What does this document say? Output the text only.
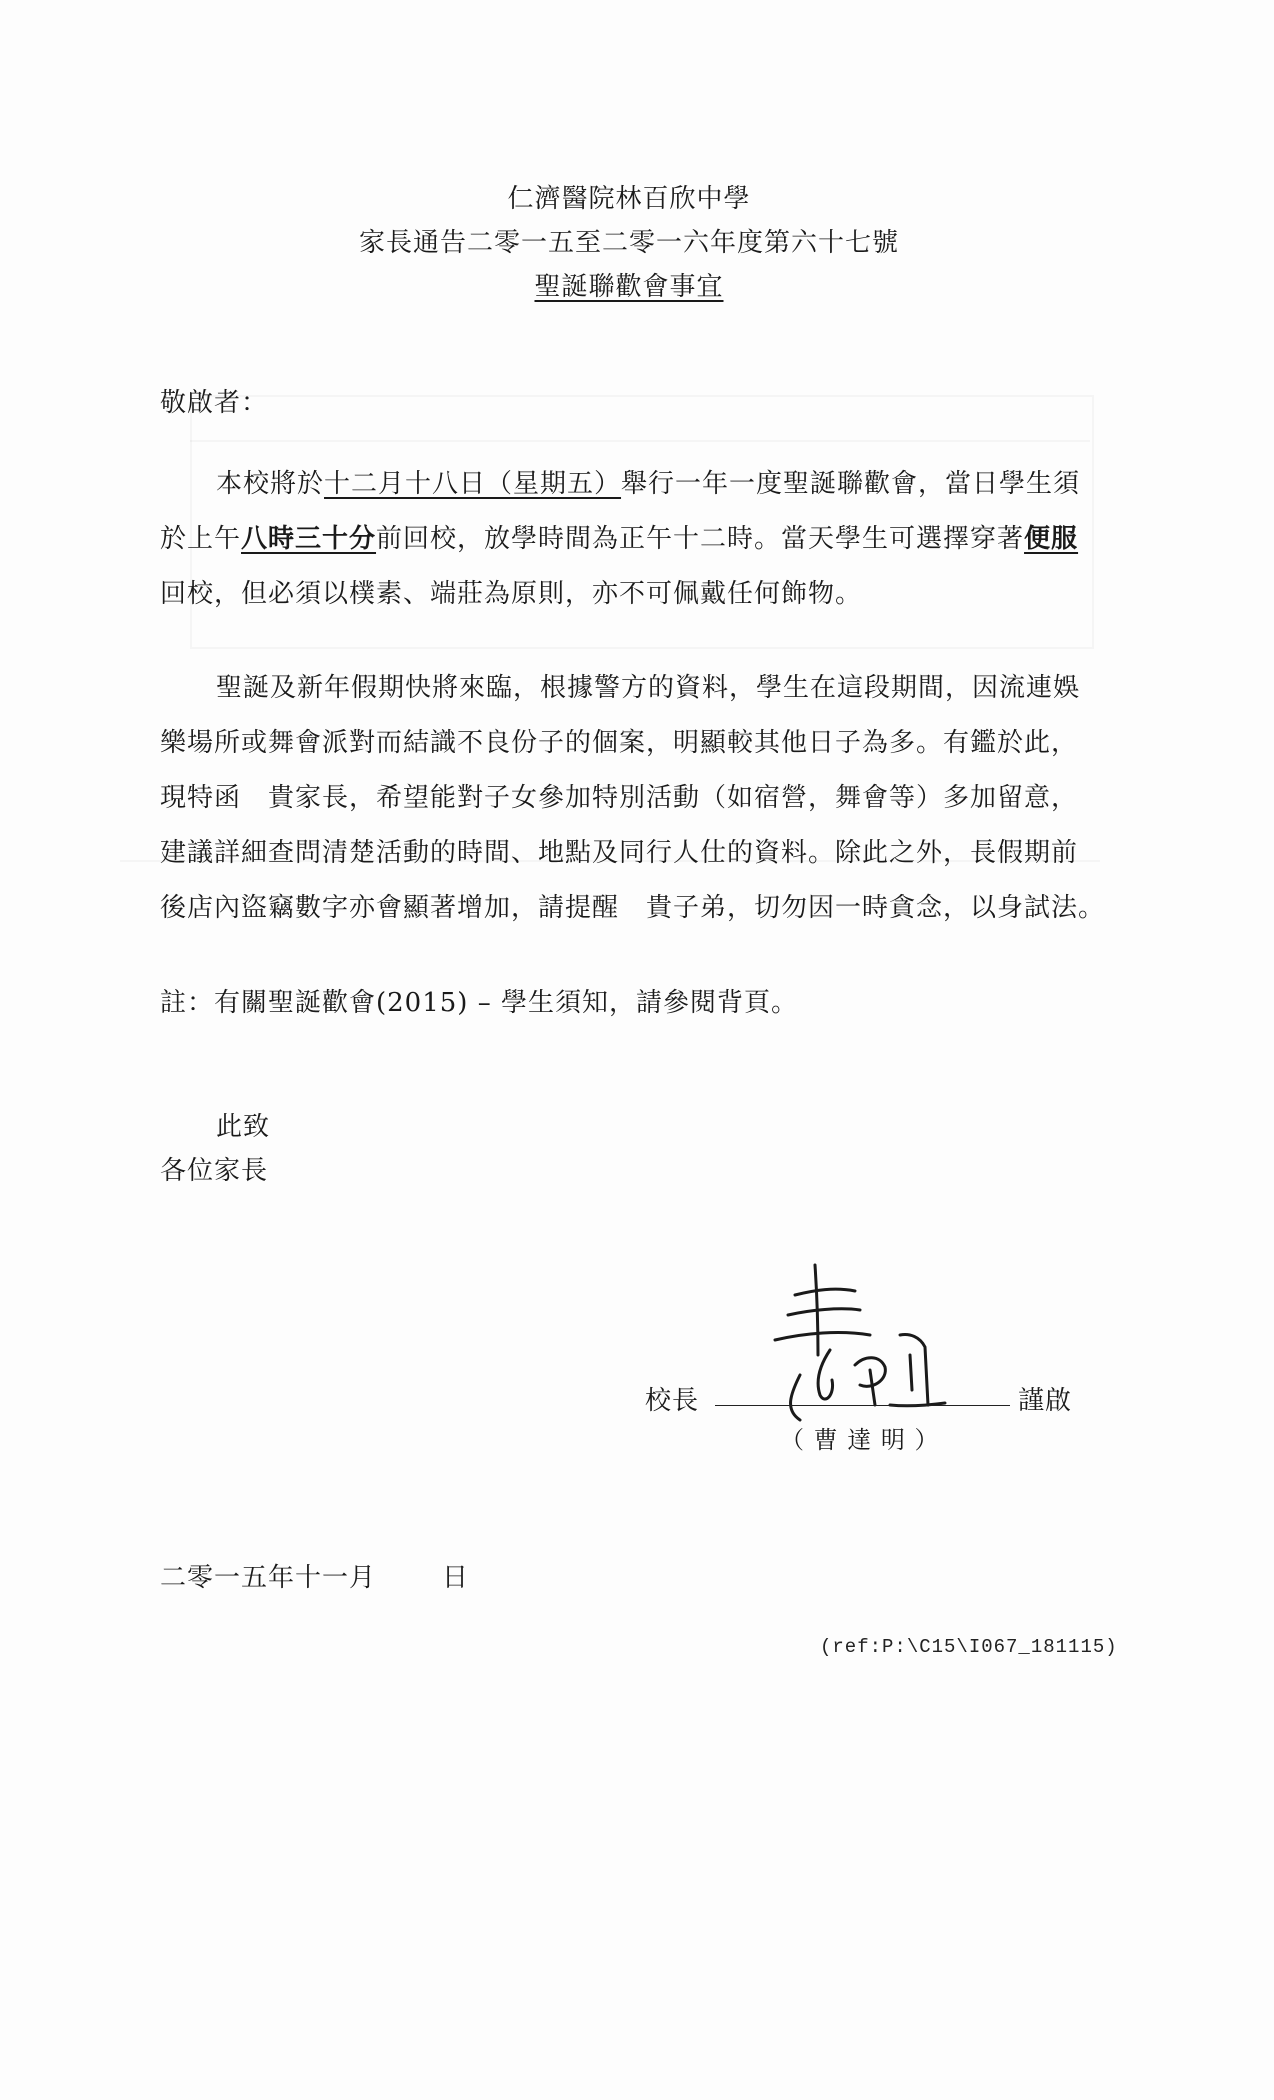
仁濟醫院林百欣中學
家長通告二零一五至二零一六年度第六十七號
聖誕聯歡會事宜
敬啟者：
本校將於十二月十八日（星期五）舉行一年一度聖誕聯歡會，當日學生須
於上午八時三十分前回校，放學時間為正午十二時。當天學生可選擇穿著便服
回校，但必須以樸素、端莊為原則，亦不可佩戴任何飾物。
聖誕及新年假期快將來臨，根據警方的資料，學生在這段期間，因流連娛
樂場所或舞會派對而結識不良份子的個案，明顯較其他日子為多。有鑑於此，
現特函　貴家長，希望能對子女參加特別活動（如宿營，舞會等）多加留意，
建議詳細查問清楚活動的時間、地點及同行人仕的資料。除此之外，長假期前
後店內盜竊數字亦會顯著增加，請提醒　貴子弟，切勿因一時貪念，以身試法。
註：有關聖誕歡會(2015) – 學生須知，請參閱背頁。
此致
各位家長
校長	謹啟
（ 曹 達 明 ）
二零一五年十一月	日
(ref:P:\C15\I067_181115)
